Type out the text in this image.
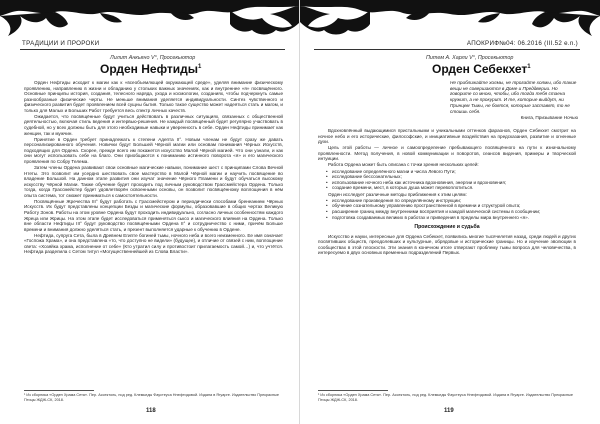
ТРАДИЦИИ И ПРОРОКИ
Лилит Анкьяно V°, Просекьютор
Орден Нефтиды$^1$

Орден Нефтиды исходит к магии как к «всеобъемлющей окружающей среде», уделяя внимание физическому проявлению, направлению в жизни и обладанию у стольких важных значениях, как и внутреннее «я» посвящённого. Основные принципы история, создания, телесного наряда, ухода и космологии, созданиях, чтобы подчеркнуть самые разнообразные физические черты. Не меньше внимания уделяется индивидуальности. Синтез чувственного и физического развития будет проявлением всей сущны бытия. Только такое существо может надеяться стать и магом, и только для Малых и Больших Работ требуется весь спектр личных качеств.

Ожидается, что посвящённые будут учиться действовать в различных ситуациях, связанных с общественной деятельностью, включая стиль ведения и интервью-решения. Не каждый посвящённый будет регулярно участвовать в судебной, но у всех должны быть для этого необходимые навыки и уверенность в себе. Орден Нефтиды принимает как женщин, так и мужчин.

Принятие в Орден требует принадлежать к степени Адепта II°. Новым членам не будут сразу же давать персонализированного обучения. Новички будут Большей Чёрной магии или основам понимания Чёрных Искусств, подходящих для Ордена. Скорее, прежде всего им покажется искусство Малой Чёрной магией. Что они узнали, и как они могут использовать себе на благо. Они приобщаются к пониманию истинного поворота «я» и его магического проявления по Собру Телема.

Затем члены Ордена развивают свои основные магические навыки, понимание шест с принципами Слова Вечной Нтеты. Это позволит им усердно шествовать свое мастерство в Малой Чёрной магии и научить посвящение во владение Большой. На данном этапе развития они изучат значение Чёрного Пламени и будут обучаться высокому искусству Чёрной Магии. Также обучение будет проходить под личным руководством Грассмейстера Ордена. Только тогда, когда Грассмейстер будет удовлетворён освоенными основы, он позволит посвящённому воплощения в нём опыта система, тот сможет приниматься к самостоятельности.

Посвящённые Жречества III° будут работать с Грассмейстером и периодически способами бренеанием Чёрных Искусств. Их будут представлены концепции Безды и магические формулы, образовавшие в общих чертах Великую Работу Зонов. Работы на этом уровне Ордена будут проходить индивидуально, согласно личных особенностям каждого Жреца или Жрицы. На этом этапе будет исследоваться применяться ськсо и магического влияния на Ордена. Только вне области Нефтиды III° будут руководство посвящёнными Ордена II° и сотрудничество с ними, причём Больше времени и внимания должно уделяться стать, и презент выполняется ударные к обучению в Ордене.

Нефтида, супруга Сета, была в Древнем Египте богиней тьмы, ночного неба и всего неизменного. Ее имя означает «Госпожа Храма», и она представлена «то, что доступно не видели» (будущее), и отличие от связей с ним, воплощение света: «Хозяйка храма, исполнение от себе» (Кто утратил силу и противостоит прилагаемость самой…) и, что учтётся. Нефтида разделила с Сетом титул «Могущественнейшей из Слова Власти».

¹ Из сборника «Орден Храма Сета». Пер. Ассектоль, под ред. Клемьеды Фаустеуса Ннефтидовой. Издана в Ягуарге. Издательство Прекрасные Птицы ЖДЖ-СК, 2018.
118
АПОКРИФ№04: 06.2016 (III.52 e.n.)
Питем А. Харли V°, Просекьютор
Орден Себекхет$^1$
Не приближайте холмы, не трогайте холмы, ибо такие вещи не совершаются в Доме и Преддверии. Но говорите со мною, чтобы, ибо тогда тебя стаена кружит, а не прокурит. И те, которые выйдут, ни Принцем Тьмы, не боятся, которые заставят, то не стоишь себя.
Книга, Призывание Ночью

Вдохновлённый выдающимися пристальными и уникальными оттенков фараонов, Орден Себекхет смотрит на ночное небо и его исторические, философские, и инициативные воздействия на предсказания, развитие и огненные духи.

Цель этой работы — личное и самоопределение пребывающего посвящённого на пути к изначальному проявленности. Метод получения, в новой коммуникации и поворотов, сеансов видения, примеры и творческой интуиции.

Работа Ордена может быть описана с точки зрения нескольких целей:

• исследование определённого магии и числа Левого Пути;
• исследование бессознательных;
• использование ночного неба как источника вдохновения, энергии и вдохновения;
• создание времени, мест, в которых душа может перевоплотиться.

Орден исследует различные методы приближения к этим целям:

• исследование произведения по определённому инструкции;
• обучение сознательному управлению пространственной в времени и структурой опыта;
• расширение границ между внутренними восприятия и каждой магической системы в сообщении;
• подготовка создаваемых великих в работах и приведения в пределы мира внутреннего «я».
Происхождение и судьба

Искусство и науки, интересные для Ордена Себекхет, появились многие тысячелетия назад, среди людей и других посвятивших обществ, преодолевших и культурные, обрядовые и исторические границы. Но и изучение эволюции в сообществах в этой плоскости. Эти знания в конечном итоге отвергают проблему тьмы вопроса для человечества, в интересуемо в двух основных временных подразделений Первых.

¹ Из сборника «Орден Храма Сета». Пер. Ассектоль, под ред. Клемьеды Фаустеуса Ннефтидовой. Издана в Ягуарге. Издательство Прекрасные Птицы ЖДЖ-СК, 2018.
119
